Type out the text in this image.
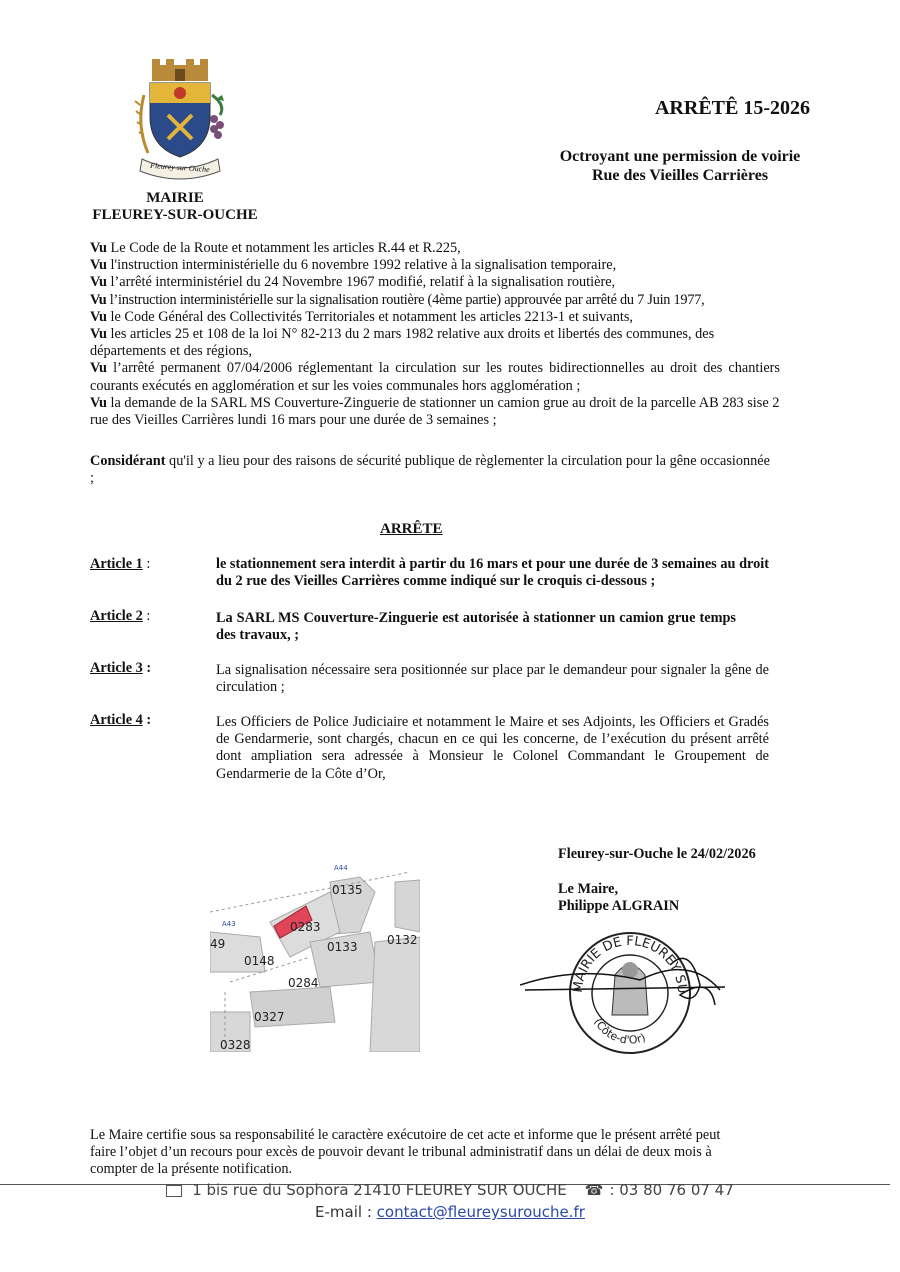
Fleurey sur Ouche
MAIRIE
FLEUREY-SUR-OUCHE
ARRÊTÊ 15-2026
Octroyant une permission de voirie
Rue des Vieilles Carrières

Vu Le Code de la Route et notamment les articles R.44 et R.225,

Vu l'instruction interministérielle du 6 novembre 1992 relative à la signalisation temporaire,

Vu l’arrêté interministériel du 24 Novembre 1967 modifié, relatif à la signalisation routière,

Vu l’instruction interministérielle sur la signalisation routière (4ème partie) approuvée par arrêté du 7 Juin 1977,

Vu le Code Général des Collectivités Territoriales et notamment les articles 2213-1 et suivants,

Vu les articles 25 et 108 de la loi N° 82-213 du 2 mars 1982 relative aux droits et libertés des communes, des départements et des régions,

Vu l’arrêté permanent 07/04/2006 réglementant la circulation sur les routes bidirectionnelles au droit des chantiers courants exécutés en agglomération et sur les voies communales hors agglomération ;

Vu la demande de la SARL MS Couverture-Zinguerie de stationner un camion grue au droit de la parcelle AB 283 sise 2 rue des Vieilles Carrières lundi 16 mars pour une durée de 3 semaines ;

Considérant qu'il y a lieu pour des raisons de sécurité publique de règlementer la circulation pour la gêne occasionnée ;
ARRÊTE
Article 1 :	le stationnement sera interdit à partir du 16 mars et pour une durée de 3 semaines au droit du 2 rue des Vieilles Carrières comme indiqué sur le croquis ci-dessous ;
Article 2 :	La SARL MS Couverture-Zinguerie est autorisée à stationner un camion grue temps des travaux, ;
Article 3 :	La signalisation nécessaire sera positionnée sur place par le demandeur pour signaler la gêne de circulation ;
Article 4 :	Les Officiers de Police Judiciaire et notamment le Maire et ses Adjoints, les Officiers et Gradés de Gendarmerie, sont chargés, chacun en ce qui les concerne, de l’exécution du présent arrêté dont ampliation sera adressée à Monsieur le Colonel Commandant le Groupement de Gendarmerie de la Côte d’Or,
A44
A43
0135
0283
49
0148
0133 0132
0284
0327
0328
Fleurey-sur-Ouche le 24/02/2026
Le Maire,
Philippe ALGRAIN
MAIRIE DE FLEUREY SU
(Côte-d'Or)
Le Maire certifie sous sa responsabilité le caractère exécutoire de cet acte et informe que le présent arrêté peut faire l’objet d’un recours pour excès de pouvoir devant le tribunal administratif dans un délai de deux mois à compter de la présente notification.
1 bis rue du Sophora 21410 FLEUREY SUR OUCHE ☎ : 03 80 76 07 47
E-mail : contact@fleureysurouche.fr
